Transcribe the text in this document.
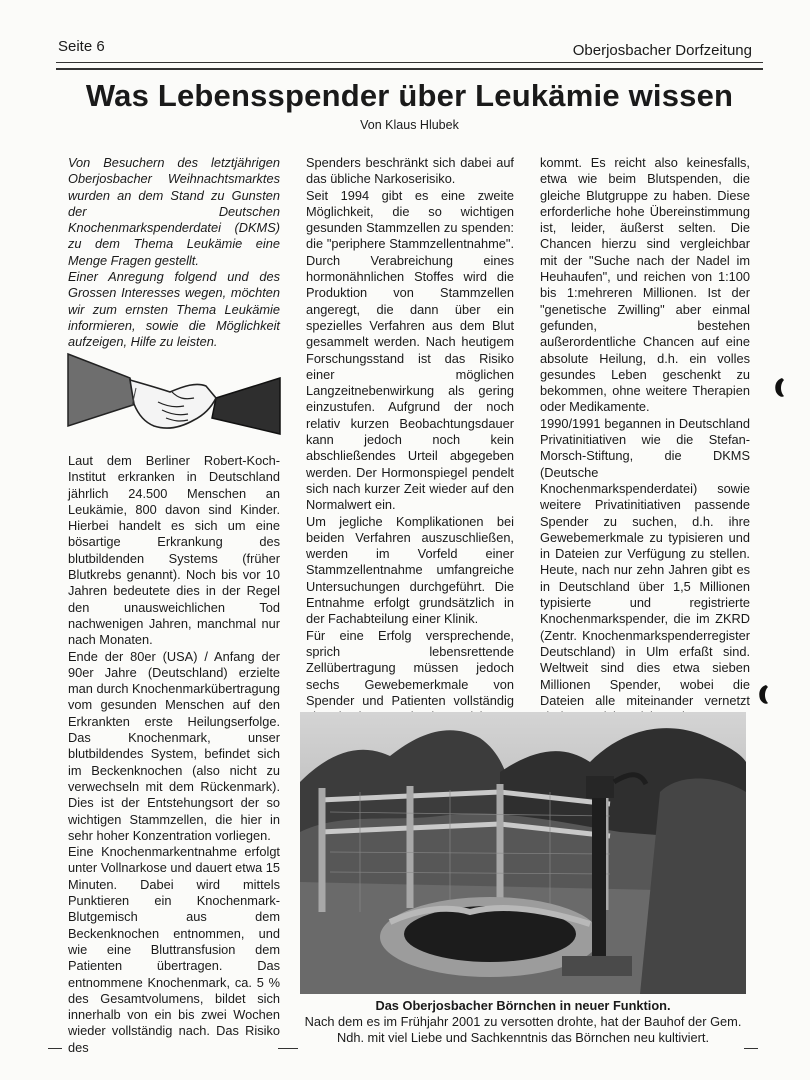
Seite 6	Oberjosbacher Dorfzeitung
Was Lebensspender über Leukämie wissen
Von Klaus Hlubek

Von Besuchern des letztjährigen Oberjosbacher Weihnachtsmarktes wurden an dem Stand zu Gunsten der Deutschen Knochenmarkspenderdatei (DKMS) zu dem Thema Leukämie eine Menge Fragen gestellt.

Einer Anregung folgend und des Grossen Interesses wegen, möchten wir zum ernsten Thema Leukämie informieren, sowie die Möglichkeit aufzeigen, Hilfe zu leisten.

Laut dem Berliner Robert-Koch-Institut erkranken in Deutschland jährlich 24.500 Menschen an Leukämie, 800 davon sind Kinder. Hierbei handelt es sich um eine bösartige Erkrankung des blutbildenden Systems (früher Blutkrebs genannt). Noch bis vor 10 Jahren bedeutete dies in der Regel den unausweichlichen Tod nachwenigen Jahren, manchmal nur nach Monaten.

Ende der 80er (USA) / Anfang der 90er Jahre (Deutschland) erzielte man durch Knochenmarkübertragung vom gesunden Menschen auf den Erkrankten erste Heilungserfolge. Das Knochenmark, unser blutbildendes System, befindet sich im Beckenknochen (also nicht zu verwechseln mit dem Rückenmark). Dies ist der Entstehungsort der so wichtigen Stammzellen, die hier in sehr hoher Konzentration vorliegen.

Eine Knochenmarkentnahme erfolgt unter Vollnarkose und dauert etwa 15 Minuten. Dabei wird mittels Punktieren ein Knochenmark-Blutgemisch aus dem Beckenknochen entnommen, und wie eine Bluttransfusion dem Patienten übertragen. Das entnommene Knochenmark, ca. 5 % des Gesamtvolumens, bildet sich innerhalb von ein bis zwei Wochen wieder vollständig nach. Das Risiko des

Spenders beschränkt sich dabei auf das übliche Narkoserisiko.

Seit 1994 gibt es eine zweite Möglichkeit, die so wichtigen gesunden Stammzellen zu spenden: die "periphere Stammzellentnahme". Durch Verabreichung eines hormonähnlichen Stoffes wird die Produktion von Stammzellen angeregt, die dann über ein spezielles Verfahren aus dem Blut gesammelt werden. Nach heutigem Forschungsstand ist das Risiko einer möglichen Langzeitnebenwirkung als gering einzustufen. Aufgrund der noch relativ kurzen Beobachtungsdauer kann jedoch noch kein abschließendes Urteil abgegeben werden. Der Hormonspiegel pendelt sich nach kurzer Zeit wieder auf den Normalwert ein.

Um jegliche Komplikationen bei beiden Verfahren auszuschließen, werden im Vorfeld einer Stammzellentnahme umfangreiche Untersuchungen durchgeführt. Die Entnahme erfolgt grundsätzlich in der Fachabteilung einer Klinik.

Für eine Erfolg versprechende, sprich lebensrettende Zellübertragung müssen jedoch sechs Gewebemerkmale von Spender und Patienten vollständig

kommt. Es reicht also keinesfalls, etwa wie beim Blutspenden, die gleiche Blutgruppe zu haben. Diese erforderliche hohe Übereinstimmung ist, leider, äußerst selten. Die Chancen hierzu sind vergleichbar mit der "Suche nach der Nadel im Heuhaufen", und reichen von 1:100 bis 1:mehreren Millionen. Ist der "genetische Zwilling" aber einmal gefunden, bestehen außerordentliche Chancen auf eine absolute Heilung, d.h. ein volles gesundes Leben geschenkt zu bekommen, ohne weitere Therapien oder Medikamente.

1990/1991 begannen in Deutschland Privatinitiativen wie die Stefan-Morsch-Stiftung, die DKMS (Deutsche Knochenmarkspenderdatei) sowie weitere Privatinitiativen passende Spender zu suchen, d.h. ihre Gewebemerkmale zu typisieren und in Dateien zur Verfügung zu stellen. Heute, nach nur zehn Jahren gibt es in Deutschland über 1,5 Millionen typisierte und registrierte Knochenmarkspender, die im ZKRD (Zentr. Knochenmarkspenderregister Deutschland) in Ulm erfaßt sind. Weltweit sind dies etwa sieben Millionen Spender, wobei die Dateien alle miteinander vernetzt

Das Oberjosbacher Börnchen in neuer Funktion.
Nach dem es im Frühjahr 2001 zu versotten drohte, hat der Bauhof der Gem. Ndh. mit viel Liebe und Sachkenntnis das Börnchen neu kultiviert.
